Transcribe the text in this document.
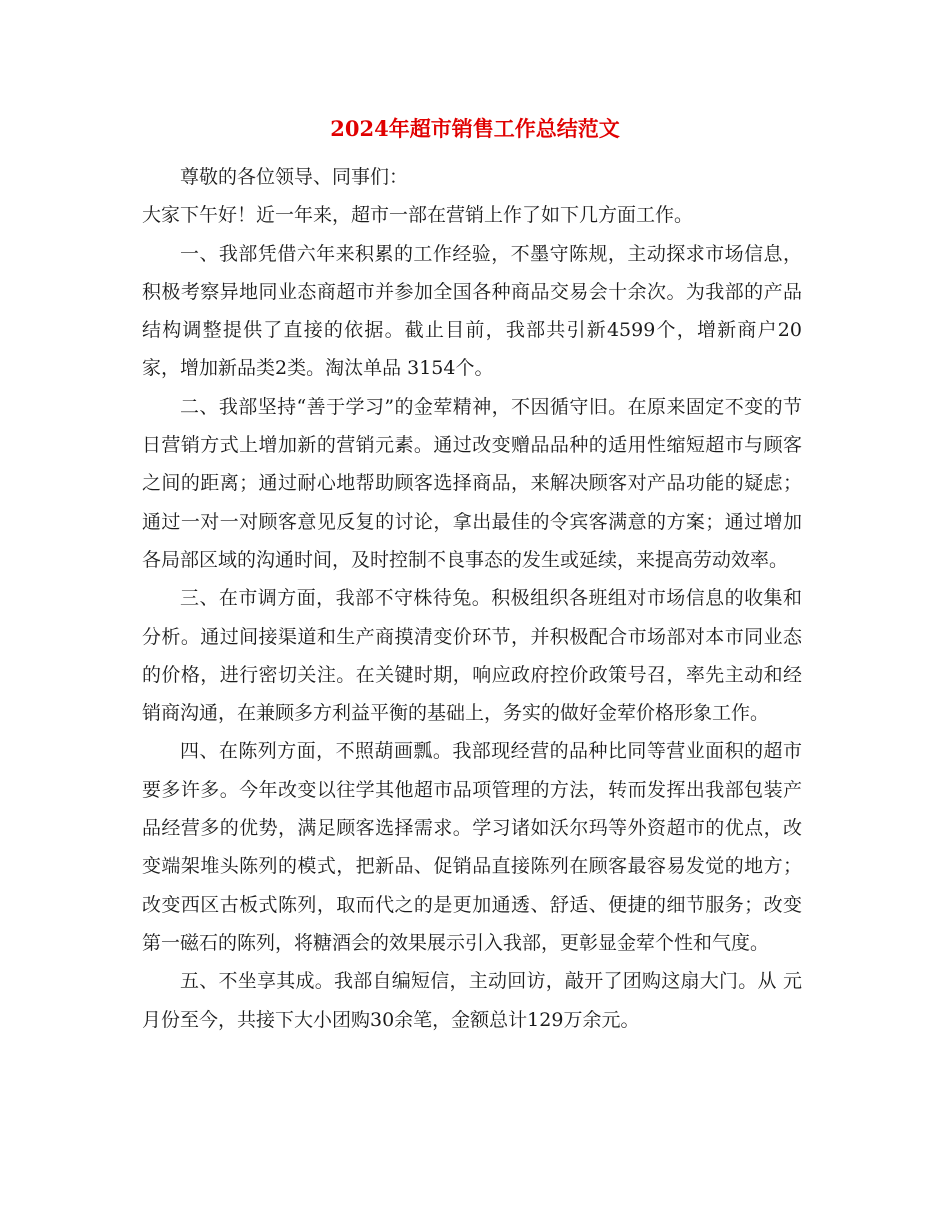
2024年超市销售工作总结范文

尊敬的各位领导、同事们：

大家下午好！近一年来，超市一部在营销上作了如下几方面工作。

一、我部凭借六年来积累的工作经验，不墨守陈规，主动探求市场信息，积极考察异地同业态商超市并参加全国各种商品交易会十余次。为我部的产品结构调整提供了直接的依据。截止目前，我部共引新4599个，增新商户20家，增加新品类2类。淘汰单品 3154个。

二、我部坚持“善于学习”的金荤精神，不因循守旧。在原来固定不变的节日营销方式上增加新的营销元素。通过改变赠品品种的适用性缩短超市与顾客之间的距离；通过耐心地帮助顾客选择商品，来解决顾客对产品功能的疑虑；通过一对一对顾客意见反复的讨论，拿出最佳的令宾客满意的方案；通过增加各局部区域的沟通时间，及时控制不良事态的发生或延续，来提高劳动效率。

三、在市调方面，我部不守株待兔。积极组织各班组对市场信息的收集和分析。通过间接渠道和生产商摸清变价环节，并积极配合市场部对本市同业态的价格，进行密切关注。在关键时期，响应政府控价政策号召，率先主动和经销商沟通，在兼顾多方利益平衡的基础上，务实的做好金荤价格形象工作。

四、在陈列方面，不照葫画瓢。我部现经营的品种比同等营业面积的超市要多许多。今年改变以往学其他超市品项管理的方法，转而发挥出我部包装产品经营多的优势，满足顾客选择需求。学习诸如沃尔玛等外资超市的优点，改变端架堆头陈列的模式，把新品、促销品直接陈列在顾客最容易发觉的地方；改变西区古板式陈列，取而代之的是更加通透、舒适、便捷的细节服务；改变第一磁石的陈列，将糖酒会的效果展示引入我部，更彰显金荤个性和气度。

五、不坐享其成。我部自编短信，主动回访，敲开了团购这扇大门。从 元月份至今，共接下大小团购30余笔，金额总计129万余元。
